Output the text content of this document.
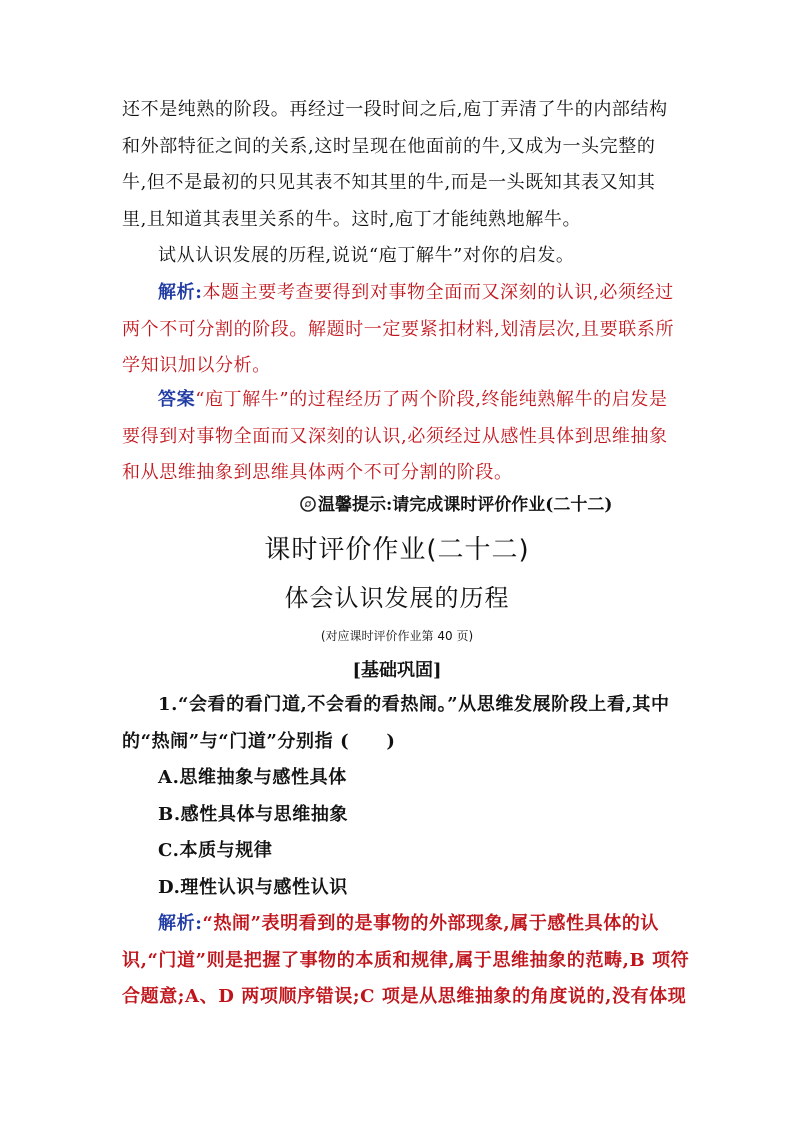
还不是纯熟的阶段。再经过一段时间之后,庖丁弄清了牛的内部结构
和外部特征之间的关系,这时呈现在他面前的牛,又成为一头完整的
牛,但不是最初的只见其表不知其里的牛,而是一头既知其表又知其
里,且知道其表里关系的牛。这时,庖丁才能纯熟地解牛。
试从认识发展的历程,说说“庖丁解牛”对你的启发。
解析:本题主要考查要得到对事物全面而又深刻的认识,必须经过
两个不可分割的阶段。解题时一定要紧扣材料,划清层次,且要联系所
学知识加以分析。
答案“庖丁解牛”的过程经历了两个阶段,终能纯熟解牛的启发是
要得到对事物全面而又深刻的认识,必须经过从感性具体到思维抽象
和从思维抽象到思维具体两个不可分割的阶段。
温馨提示:请完成课时评价作业(二十二)
课时评价作业(二十二)
体会认识发展的历程
(对应课时评价作业第 40 页)
[基础巩固]
1.“会看的看门道,不会看的看热闹。”从思维发展阶段上看,其中
的“热闹”与“门道”分别指 (　　)
A.思维抽象与感性具体
B.感性具体与思维抽象
C.本质与规律
D.理性认识与感性认识
解析:“热闹”表明看到的是事物的外部现象,属于感性具体的认
识,“门道”则是把握了事物的本质和规律,属于思维抽象的范畴,B 项符
合题意;A、D 两项顺序错误;C 项是从思维抽象的角度说的,没有体现
